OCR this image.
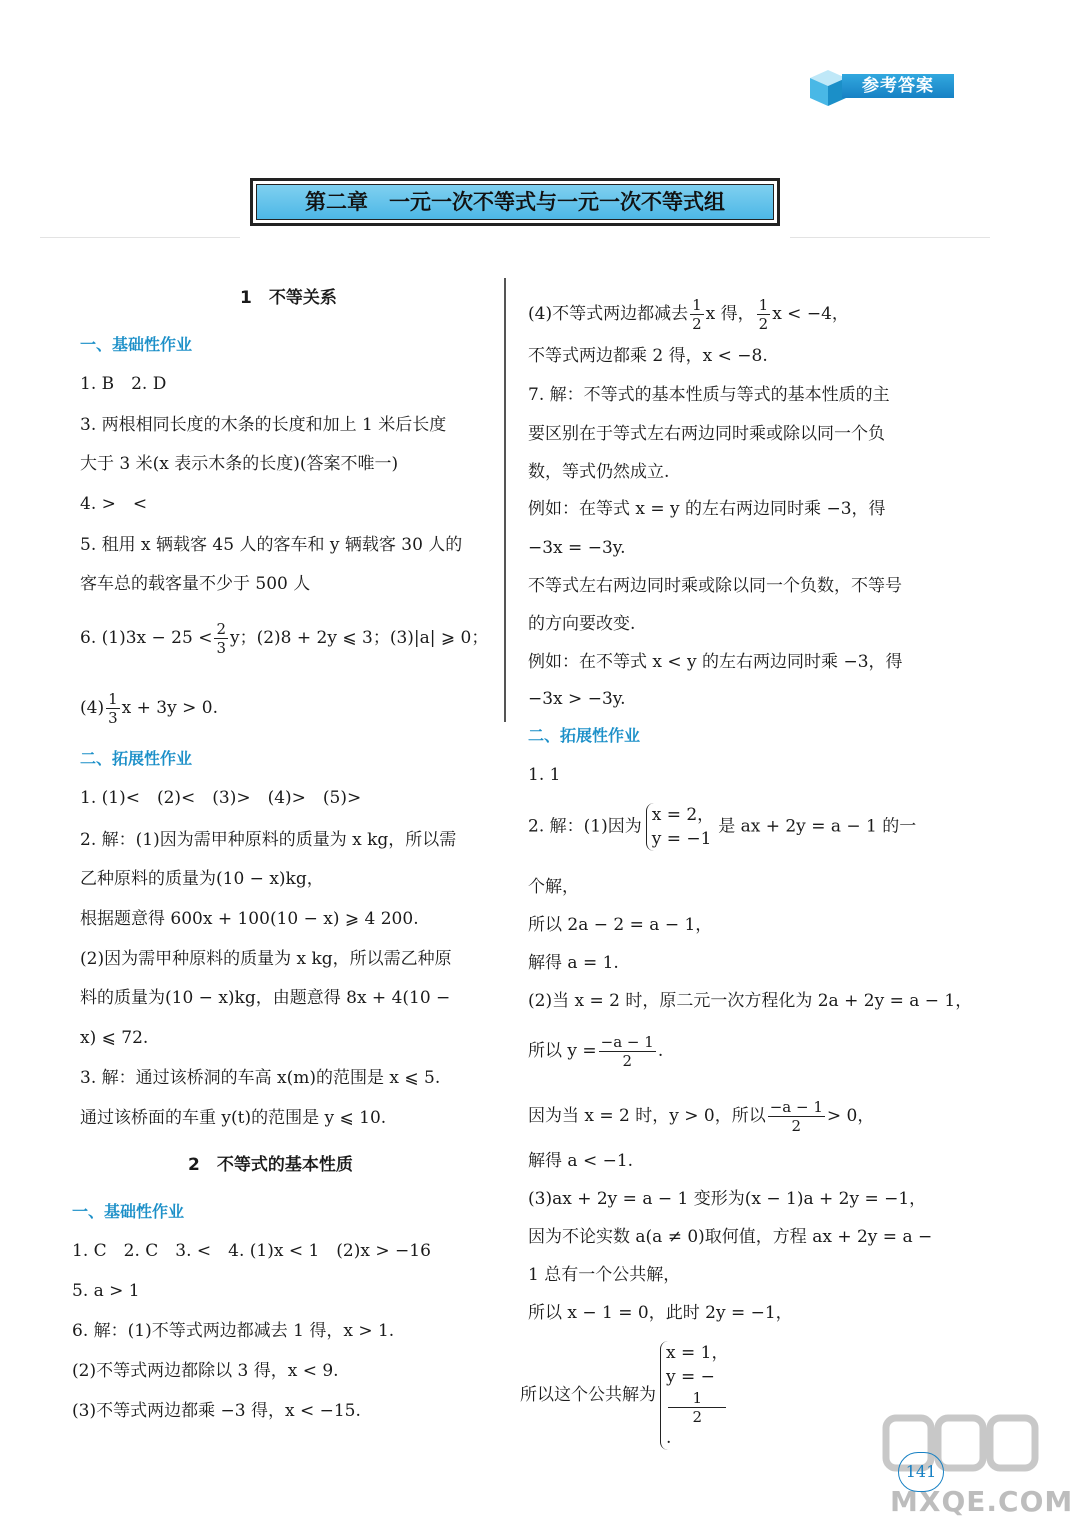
参考答案
第二章　一元一次不等式与一元一次不等式组
1　不等关系
一、基础性作业
1. B　2. D
3. 两根相同长度的木条的长度和加上 1 米后长度
大于 3 米(x 表示木条的长度)(答案不唯一)
4. >　<
5. 租用 x 辆载客 45 人的客车和 y 辆载客 30 人的
客车总的载客量不少于 500 人
6. $(1)3x - 25 < \frac{2}{3}$ y；(2)8 + 2y ⩽ 3；(3)|a| ⩾ 0；
$(4) \frac{1}{3}$ x + 3y > 0.
二、拓展性作业
1. (1)<　(2)<　(3)>　(4)>　(5)>
2. 解：(1)因为需甲种原料的质量为 x kg，所以需
乙种原料的质量为(10 − x)kg，
根据题意得 600x + 100(10 − x) ⩾ 4 200.
(2)因为需甲种原料的质量为 x kg，所以需乙种原
料的质量为(10 − x)kg，由题意得 8x + 4(10 −
x) ⩽ 72.
3. 解：通过该桥洞的车高 x(m)的范围是 x ⩽ 5.
通过该桥面的车重 y(t)的范围是 y ⩽ 10.
2　不等式的基本性质
一、基础性作业
1. C　2. C　3. <　4. (1)x < 1　(2)x > −16
5. a > 1
6. 解：(1)不等式两边都减去 1 得，x > 1.
(2)不等式两边都除以 3 得，x < 9.
(3)不等式两边都乘 −3 得，x < −15.
(4)不等式两边都减去 $\frac{1}{2}$ x 得， $\frac{1}{2}$ x < −4，
不等式两边都乘 2 得，x < −8.
7. 解：不等式的基本性质与等式的基本性质的主
要区别在于等式左右两边同时乘或除以同一个负
数，等式仍然成立.
例如：在等式 x = y 的左右两边同时乘 −3，得
−3x = −3y.
不等式左右两边同时乘或除以同一个负数，不等号
的方向要改变.
例如：在不等式 x < y 的左右两边同时乘 −3，得
−3x > −3y.
二、拓展性作业
1. 1
2. 解：(1)因为
x = 2，
y = −1
是 ax + 2y = a − 1 的一
个解，
所以 2a − 2 = a − 1，
解得 a = 1.
(2)当 x = 2 时，原二元一次方程化为 2a + 2y = a − 1，
所以 $y = \frac{-a - 1}{2}$ .
因为当 x = 2 时，y > 0，所以 $\frac{-a - 1}{2} > 0$，
解得 a < −1.
(3)ax + 2y = a − 1 变形为(x − 1)a + 2y = −1，
因为不论实数 a(a ≠ 0)取何值，方程 ax + 2y = a −
1 总有一个公共解，
所以 x − 1 = 0，此时 2y = −1，
所以这个公共解为
x = 1，
y = −
1
2
.
MXQE.COM
141
